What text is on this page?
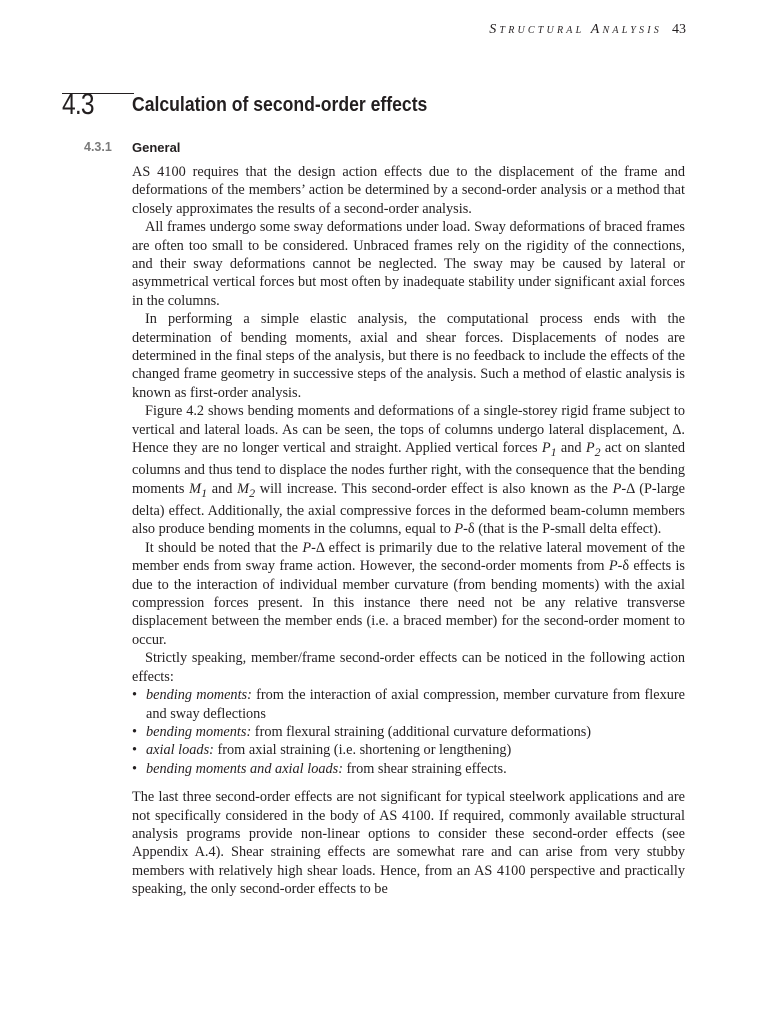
Structural Analysis 43
4.3 Calculation of second-order effects
4.3.1 General

AS 4100 requires that the design action effects due to the displacement of the frame and deformations of the members’ action be determined by a second-order analysis or a method that closely approximates the results of a second-order analysis.

All frames undergo some sway deformations under load. Sway deformations of braced frames are often too small to be considered. Unbraced frames rely on the rigidity of the connections, and their sway deformations cannot be neglected. The sway may be caused by lateral or asymmetrical vertical forces but most often by inadequate stability under significant axial forces in the columns.

In performing a simple elastic analysis, the computational process ends with the determination of bending moments, axial and shear forces. Displacements of nodes are determined in the final steps of the analysis, but there is no feedback to include the effects of the changed frame geometry in successive steps of the analysis. Such a method of elastic analysis is known as first-order analysis.

Figure 4.2 shows bending moments and deformations of a single-storey rigid frame subject to vertical and lateral loads. As can be seen, the tops of columns undergo lateral displacement, Δ. Hence they are no longer vertical and straight. Applied vertical forces $P_1$ and $P_2$ act on slanted columns and thus tend to displace the nodes further right, with the consequence that the bending moments $M_1$ and $M_2$ will increase. This second-order effect is also known as the P-Δ (P-large delta) effect. Additionally, the axial compressive forces in the deformed beam-column members also produce bending moments in the columns, equal to P-δ (that is the P-small delta effect).

It should be noted that the P-Δ effect is primarily due to the relative lateral movement of the member ends from sway frame action. However, the second-order moments from P-δ effects is due to the interaction of individual member curvature (from bending moments) with the axial compression forces present. In this instance there need not be any relative transverse displacement between the member ends (i.e. a braced member) for the second-order moment to occur.

Strictly speaking, member/frame second-order effects can be noticed in the following action effects:

• bending moments: from the interaction of axial compression, member curvature from flexure and sway deflections
• bending moments: from flexural straining (additional curvature deformations)
• axial loads: from axial straining (i.e. shortening or lengthening)
• bending moments and axial loads: from shear straining effects.

The last three second-order effects are not significant for typical steelwork applications and are not specifically considered in the body of AS 4100. If required, commonly available structural analysis programs provide non-linear options to consider these second-order effects (see Appendix A.4). Shear straining effects are somewhat rare and can arise from very stubby members with relatively high shear loads. Hence, from an AS 4100 perspective and practically speaking, the only second-order effects to be
